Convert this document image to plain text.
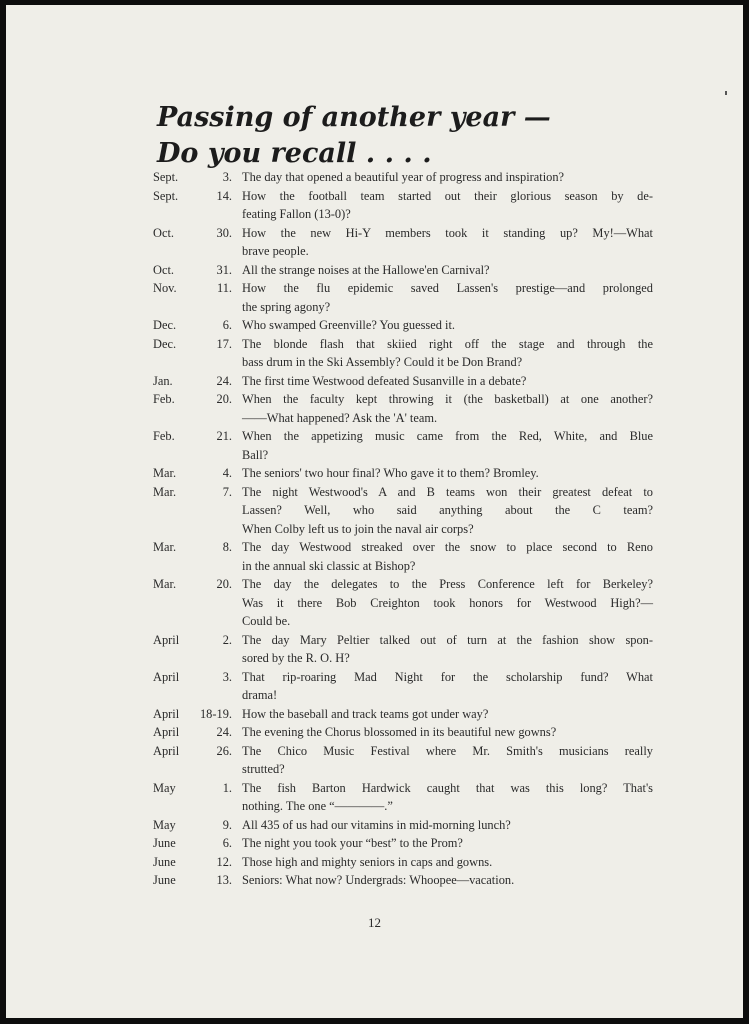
Passing of another year —
Do you recall . . . .
Sept.	3. The day that opened a beautiful year of progress and inspiration?
Sept.	14. How the football team started out their glorious season by de-
feating Fallon (13-0)?
Oct.	30. How the new Hi-Y members took it standing up? My!—What
brave people.
Oct.	31. All the strange noises at the Hallowe'en Carnival?
Nov.	11. How the flu epidemic saved Lassen's prestige—and prolonged
the spring agony?
Dec.	6. Who swamped Greenville? You guessed it.
Dec.	17. The blonde flash that skiied right off the stage and through the
bass drum in the Ski Assembly? Could it be Don Brand?
Jan.	24. The first time Westwood defeated Susanville in a debate?
Feb.	20. When the faculty kept throwing it (the basketball) at one another?
——What happened? Ask the 'A' team.
Feb.	21. When the appetizing music came from the Red, White, and Blue
Ball?
Mar.	4. The seniors' two hour final? Who gave it to them? Bromley.
Mar.	7. The night Westwood's A and B teams won their greatest defeat to
Lassen? Well, who said anything about the C team?
When Colby left us to join the naval air corps?
Mar.	8. The day Westwood streaked over the snow to place second to Reno
in the annual ski classic at Bishop?
Mar.	20. The day the delegates to the Press Conference left for Berkeley?
Was it there Bob Creighton took honors for Westwood High?—
Could be.
April	2. The day Mary Peltier talked out of turn at the fashion show spon-
sored by the R. O. H?
April	3. That rip-roaring Mad Night for the scholarship fund? What
drama!
April	18-19. How the baseball and track teams got under way?
April	24. The evening the Chorus blossomed in its beautiful new gowns?
April	26. The Chico Music Festival where Mr. Smith's musicians really
strutted?
May	1. The fish Barton Hardwick caught that was this long? That's
nothing. The one “————.”
May	9. All 435 of us had our vitamins in mid-morning lunch?
June	6. The night you took your “best” to the Prom?
June	12. Those high and mighty seniors in caps and gowns.
June	13. Seniors: What now? Undergrads: Whoopee—vacation.
12
